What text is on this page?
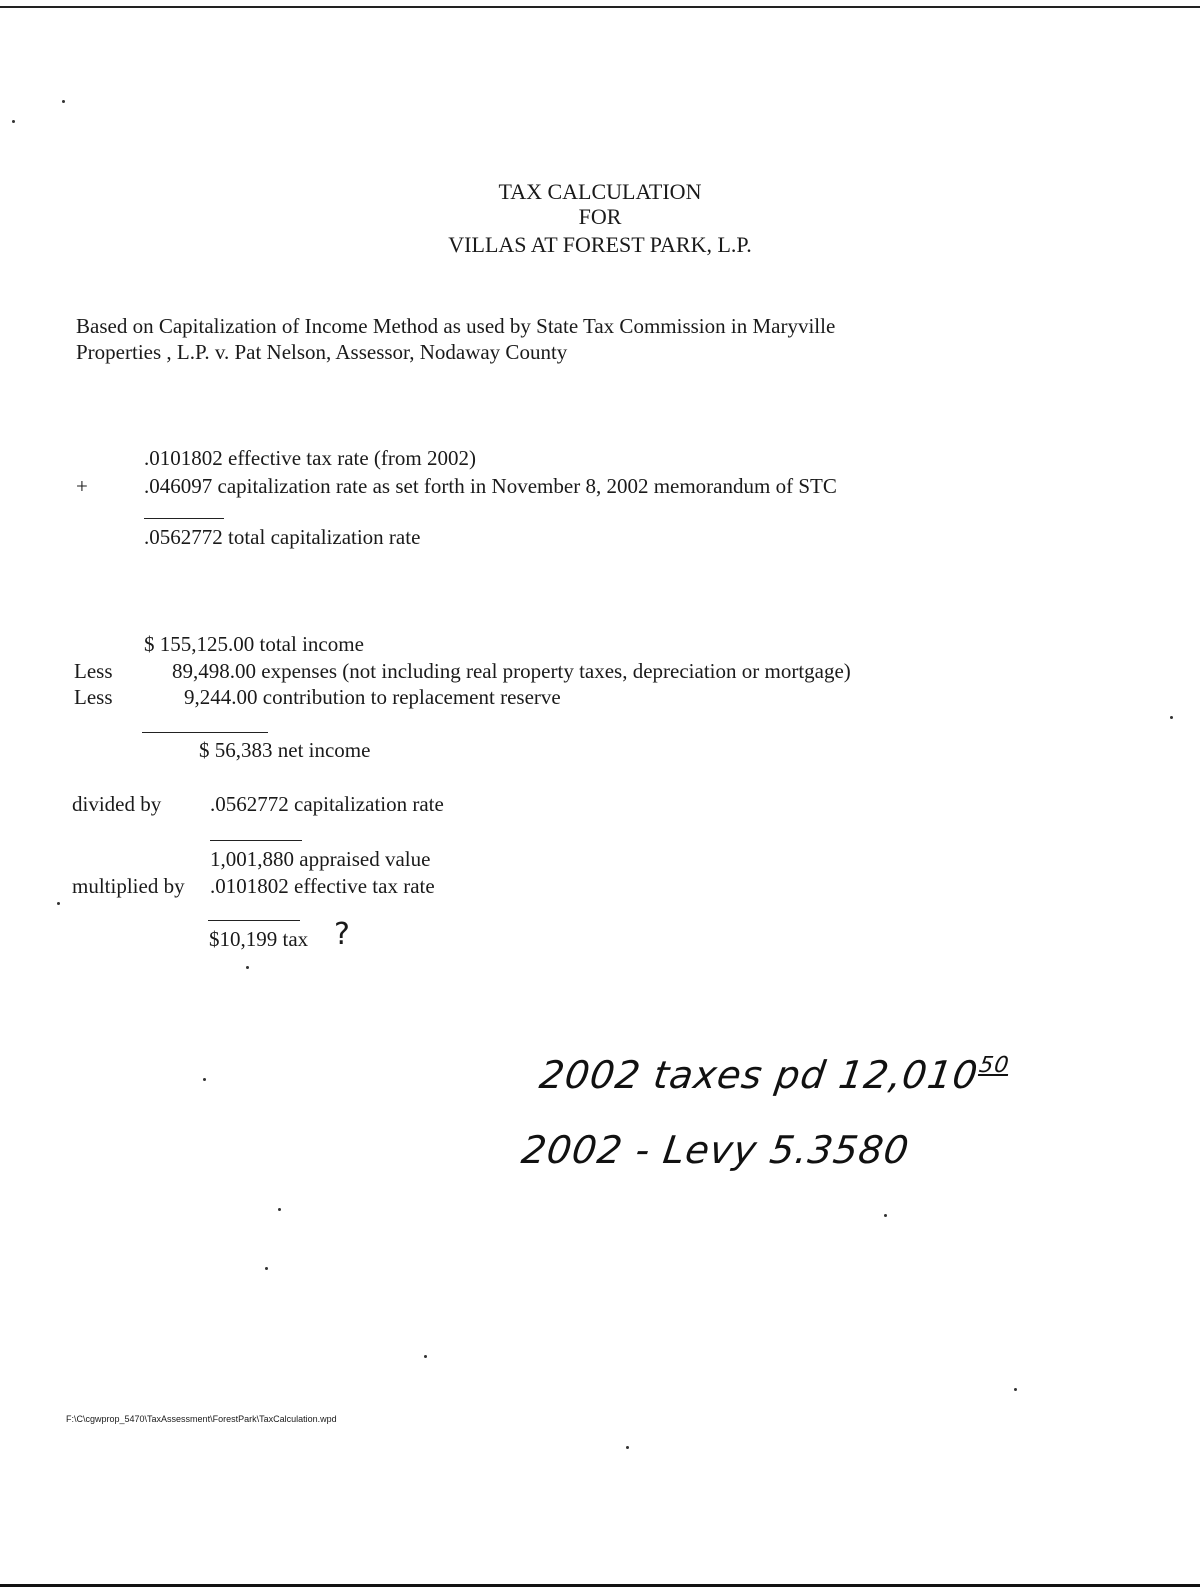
TAX CALCULATION
FOR
VILLAS AT FOREST PARK, L.P.
Based on Capitalization of Income Method as used by State Tax Commission in Maryville
Properties , L.P. v. Pat Nelson, Assessor, Nodaway County
.0101802 effective tax rate (from 2002)
+	.046097 capitalization rate as set forth in November 8, 2002 memorandum of STC
.0562772 total capitalization rate
$ 155,125.00 total income
Less	89,498.00 expenses (not including real property taxes, depreciation or mortgage)
Less	9,244.00 contribution to replacement reserve
$ 56,383 net income
divided by .0562772 capitalization rate
1,001,880 appraised value
multiplied by .0101802 effective tax rate
$10,199 tax ?
2002 taxes pd 12,010$^{50}$
2002 - Levy 5.3580
F:\C\cgwprop_5470\TaxAssessment\ForestPark\TaxCalculation.wpd
